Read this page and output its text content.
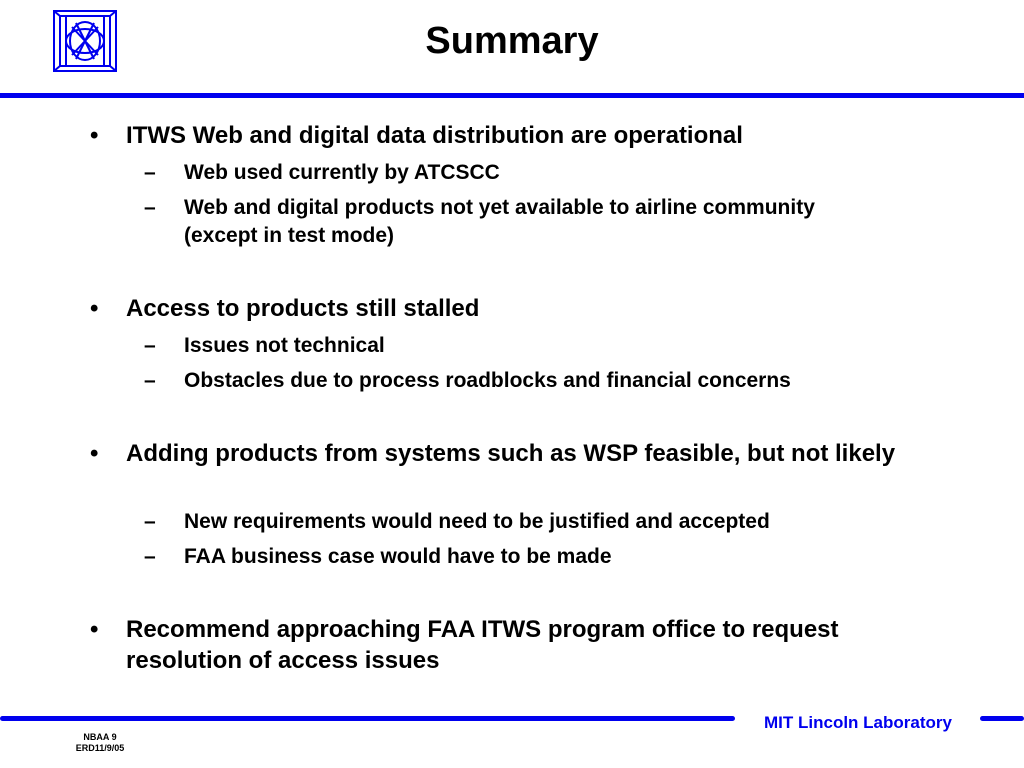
Summary
• ITWS Web and digital data distribution are operational
– Web used currently by ATCSCC
– Web and digital products not yet available to airline community (except in test mode)
• Access to products still stalled
– Issues not technical
– Obstacles due to process roadblocks and financial concerns
• Adding products from systems such as WSP feasible, but not likely
– New requirements would need to be justified and accepted
– FAA business case would have to be made
• Recommend approaching FAA ITWS program office to request resolution of access issues
MIT Lincoln Laboratory
NBAA 9
ERD11/9/05
